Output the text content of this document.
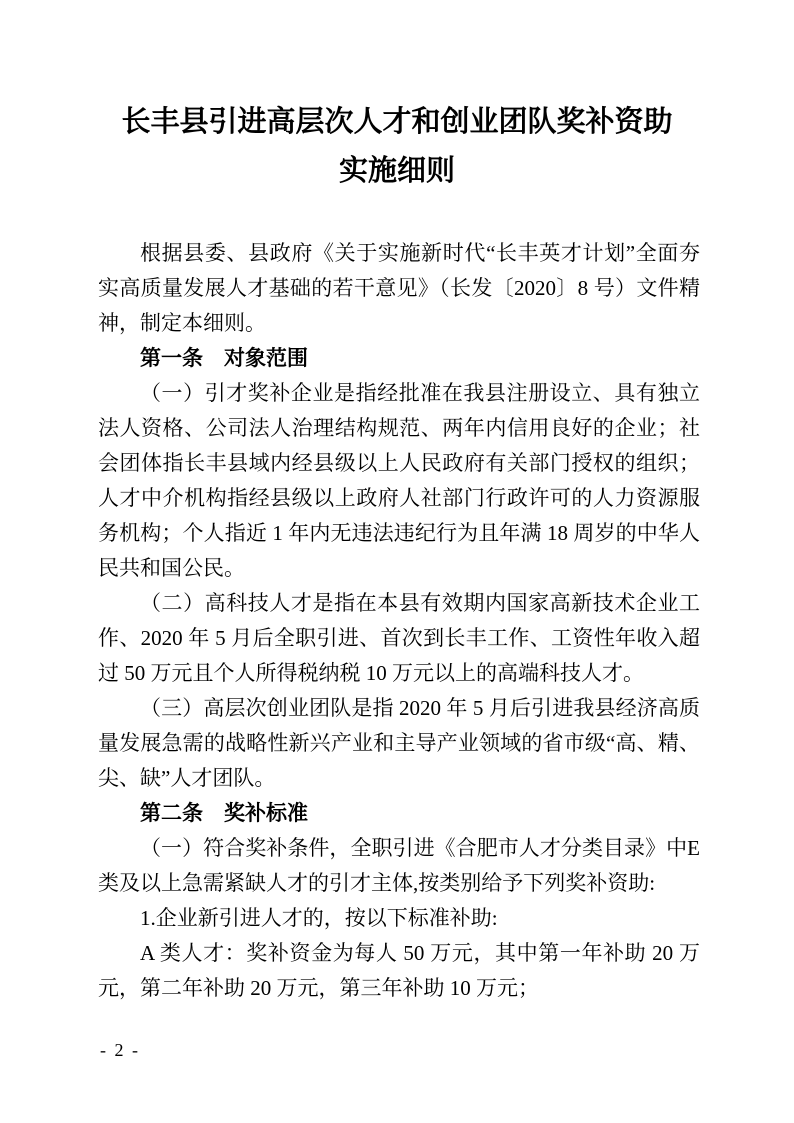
长丰县引进高层次人才和创业团队奖补资助
实施细则

根据县委、县政府《关于实施新时代“长丰英才计划”全面夯实高质量发展人才基础的若干意见》（长发〔2020〕8 号）文件精神，制定本细则。

第一条　对象范围

（一）引才奖补企业是指经批准在我县注册设立、具有独立法人资格、公司法人治理结构规范、两年内信用良好的企业；社会团体指长丰县域内经县级以上人民政府有关部门授权的组织；人才中介机构指经县级以上政府人社部门行政许可的人力资源服务机构；个人指近 1 年内无违法违纪行为且年满 18 周岁的中华人民共和国公民。

（二）高科技人才是指在本县有效期内国家高新技术企业工作、2020 年 5 月后全职引进、首次到长丰工作、工资性年收入超过 50 万元且个人所得税纳税 10 万元以上的高端科技人才。

（三）高层次创业团队是指 2020 年 5 月后引进我县经济高质量发展急需的战略性新兴产业和主导产业领域的省市级“高、精、尖、缺”人才团队。

第二条　奖补标准

（一）符合奖补条件，全职引进《合肥市人才分类目录》中E 类及以上急需紧缺人才的引才主体,按类别给予下列奖补资助:

1.企业新引进人才的，按以下标准补助:

A 类人才：奖补资金为每人 50 万元，其中第一年补助 20 万元，第二年补助 20 万元，第三年补助 10 万元；

- 2 -
